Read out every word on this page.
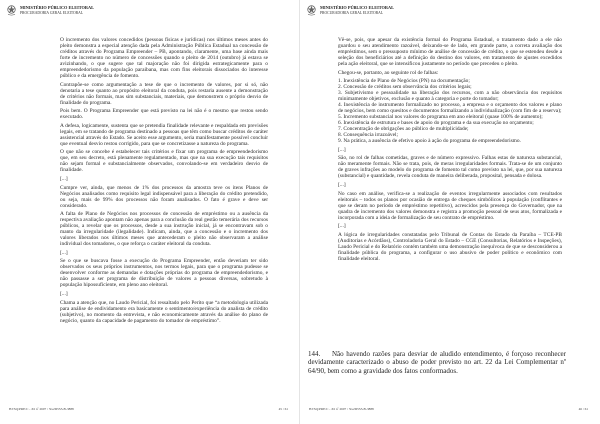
MINISTÉRIO PÚBLICO ELEITORAL
PROCURADORIA GERAL ELEITORAL

O incremento dos valores concedidos (pessoas físicas e jurídicas) nos últimos meses antes do pleito demonstra a especial atenção dada pela Administração Pública Estadual na concessão de créditos através do Programa Empreender – PB, apontando, claramente, uma base ainda mais forte de incremento no número de concessões quando o pleito de 2014 (outubro) já estava se avizinhando, o que sugere que tal majoração não foi dirigida estrategicamente para o empreendedorismo da população paraibana, mas com fins eleitorais dissociados do interesse público e da emergência de fomento.

Contrapõe-se como argumentação a tese de que o incremento de valores, por si só, não denotaria a tese quanto ao propósito eleitoral da conduta, pois restaria ausente a demonstração de critérios não formais, mas sim substanciais, materiais, que demonstrem o próprio desvio de finalidade do programa.

Pois bem. O Programa Empreender que está previsto na lei não é o mesmo que restou sendo executado.

A defesa, logicamente, sustenta que se pretendia finalidade relevante e respaldada em previsões legais, em se tratando de programa destinado a pessoas que têm como buscar créditos de caráter assistencial através do Estado. Se aceito esse argumento, seria manifestamente possível concluir que eventual desvio restou corrigido, para que se concretizasse a natureza do programa.

O que não se concebe é estabelecer tais critérios e fixar um programa de empreendedorismo que, em seu decreto, está plenamente regulamentado, mas que na sua execução tais requisitos não sejam formal e substancialmente observados, convolando-se em verdadeiro desvio de finalidade.

[...]

Cumpre ver, ainda, que menos de 1% dos processos da amostra teve os itens Planos de Negócios analisados como requisito legal indispensável para a liberação do crédito pretendido, ou seja, mais de 99% dos processos não foram analisados. O fato é grave e deve ser considerado.

A falta de Plano de Negócios nos processos de concessão de empréstimo ou a ausência da respectiva avaliação apontam não apenas para a conclusão da real gestão temerária dos recursos públicos, a revelar que os processos, desde a sua instrução inicial, já se encontravam sob o manto da irregularidade (ilegalidade). Indicam, ainda, que a concessão e o incremento dos valores liberados nos últimos meses que antecederam o pleito não observaram a análise individual dos tomadores, o que reforça o caráter eleitoral da conduta.

[...]

Se o que se buscava fosse a execução do Programa Empreender, então deveriam ter sido observados os seus próprios instrumentos, nos termos legais, para que o programa pudesse se desenvolver conforme as demandas e dotações próprias do programa de empreendedorismo, e não passasse a ser programa de distribuição de valores a pessoas diversas, sobretudo à população hipossuficiente, em pleno ano eleitoral.

[...]

Chama a atenção que, no Laudo Pericial, foi ressaltado pelo Perito que “a metodologia utilizada para análise de endividamento era basicamente o sentimento/experiência do analista de crédito (subjetivo), no momento da entrevista, e não economicamente através da análise do plano de negócio, quanto da capacidade de pagamento do tomador de empréstimo”.

HJ/SQ/PRE/C - JO nº 2607 / 5G2D5S5-B-3888	45 / 61
MINISTÉRIO PÚBLICO ELEITORAL
PROCURADORIA GERAL ELEITORAL

Vê-se, pois, que apesar da existência formal do Programa Estadual, o tratamento dado a ele não guardou o seu atendimento razoável, deixando-se de lado, em grande parte, a correta avaliação dos empréstimos, sem o pressuposto mínimo de análise de concessão de crédito, o que se estendeu desde a seleção dos beneficiários até a definição do destino dos valores, em tratamento de ajustes excedidos pela ação eleitoral, que se intensificou justamente no período que precedeu o pleito.

Chegou-se, portanto, ao seguinte rol de falhas:

1. Inexistência de Plano de Negócios (PN) na documentação;

2. Concessão de créditos sem observância dos critérios legais;

3. Subjetivismo e pessoalidade na liberação dos recursos, com a não observância dos requisitos minimamente objetivos, exclusão e quanto à categoria e porte do tomador;

4. Inexistência de instrumento formalizado no processo, a empresa e o orçamento dos valores e plano de negócios, bem como quesitos e documentos formalizando a individualização (com fim de a reserva);

5. Incremento substancial nos valores do programa em ano eleitoral (quase 100% de aumento);

6. Inexistência de estrutura e bases de apoio do programa e da sua execução no orçamento;

7. Concentração de obrigações ao público de multiplicidade;

8. Consequência irrazoável;

9. Na prática, a ausência de efetivo apoio à ação do programa de empreendedorismo.

[...]

São, no rol de falhas cometidas, graves e de número expressivo. Falhas estas de natureza substancial, não meramente formais. Não se trata, pois, de meras irregularidades formais. Trata-se de um conjunto de graves infrações ao modelo do programa de fomento tal como previsto na lei, que, por sua natureza (substancial) e quantidade, revela conduta de maneira deliberada, proposital, pensada e dolosa.

[...]

No caso em análise, verifica-se a realização de eventos irregularmente associados com resultados eleitorais – todos os planos por ocasião de entrega de cheques simbólicos à população (conflitantes e que se deram no período de empréstimo repetitivo), acrescidos pela presença do Governador, que na quadra de incremento dos valores demonstra e registra a promoção pessoal de seus atos, formalizada e incorporada com a ideia de formalização de seu contrato de empréstimo.

[...]

A lógica de irregularidades constatadas pelo Tribunal de Contas do Estado da Paraíba – TCE-PB (Auditorias e Acórdãos), Controladoria Geral do Estado – CGE (Consultorias, Relatórios e Inspeções), Laudo Pericial e do Relatório contém também uma demonstração inequívoca de que se desconsiderou a finalidade pública do programa, a configurar o uso abusivo de poder político e econômico com finalidade eleitoral.

144. Não havendo razões para desviar de aludido entendimento, é forçoso reconhecer devidamente caracterizado o abuso de poder previsto no art. 22 da Lei Complementar nº 64/90, bem como a gravidade dos fatos conformados.
HJ/SQ/PRE/C - JO nº 2607 / 5G2D5S5-B-3888	46 / 61
